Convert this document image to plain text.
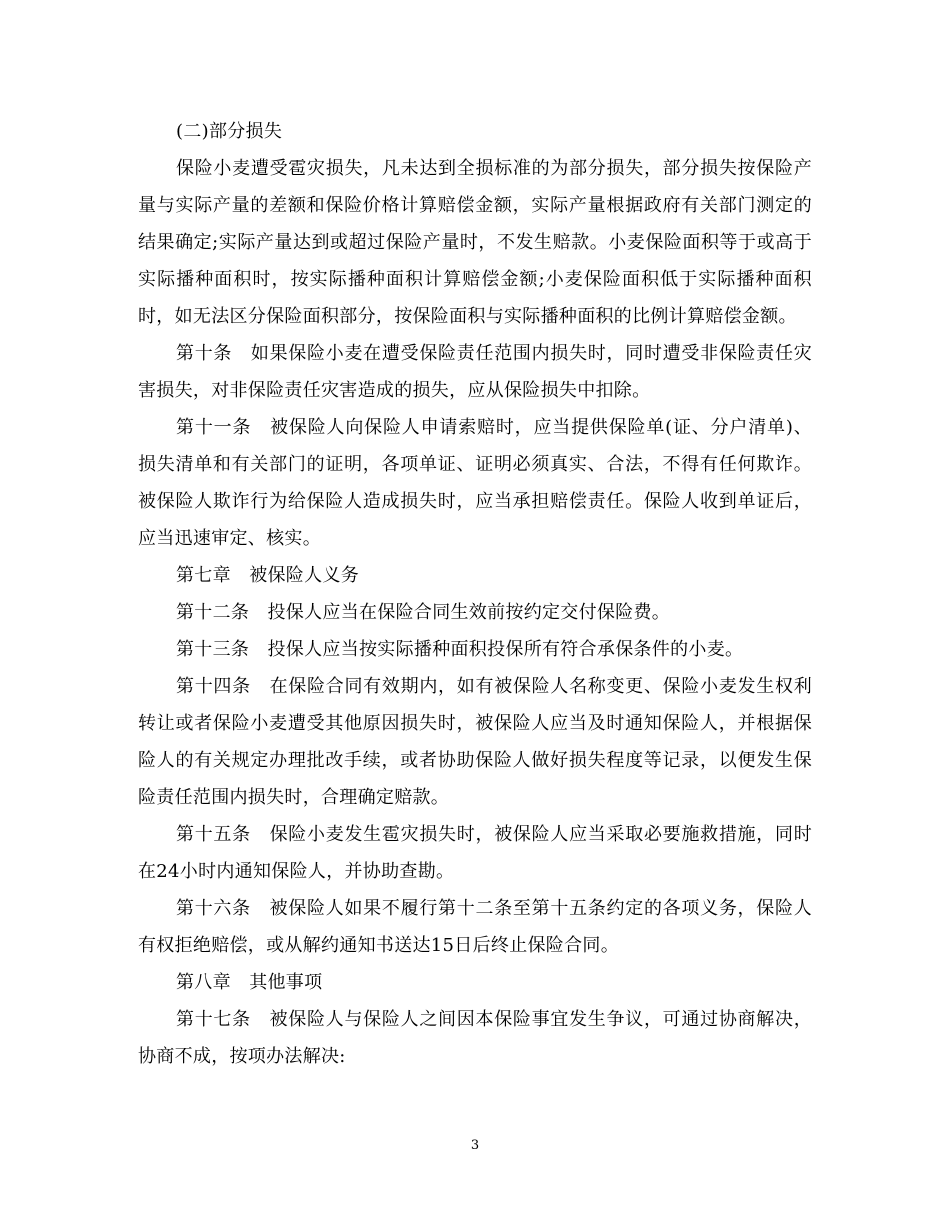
(二)部分损失

保险小麦遭受雹灾损失，凡未达到全损标准的为部分损失，部分损失按保险产量与实际产量的差额和保险价格计算赔偿金额，实际产量根据政府有关部门测定的结果确定;实际产量达到或超过保险产量时，不发生赔款。小麦保险面积等于或高于实际播种面积时，按实际播种面积计算赔偿金额;小麦保险面积低于实际播种面积时，如无法区分保险面积部分，按保险面积与实际播种面积的比例计算赔偿金额。

第十条　如果保险小麦在遭受保险责任范围内损失时，同时遭受非保险责任灾害损失，对非保险责任灾害造成的损失，应从保险损失中扣除。

第十一条　被保险人向保险人申请索赔时，应当提供保险单(证、分户清单)、损失清单和有关部门的证明，各项单证、证明必须真实、合法，不得有任何欺诈。被保险人欺诈行为给保险人造成损失时，应当承担赔偿责任。保险人收到单证后，应当迅速审定、核实。

第七章　被保险人义务

第十二条　投保人应当在保险合同生效前按约定交付保险费。

第十三条　投保人应当按实际播种面积投保所有符合承保条件的小麦。

第十四条　在保险合同有效期内，如有被保险人名称变更、保险小麦发生权利转让或者保险小麦遭受其他原因损失时，被保险人应当及时通知保险人，并根据保险人的有关规定办理批改手续，或者协助保险人做好损失程度等记录，以便发生保险责任范围内损失时，合理确定赔款。

第十五条　保险小麦发生雹灾损失时，被保险人应当采取必要施救措施，同时在24小时内通知保险人，并协助查勘。

第十六条　被保险人如果不履行第十二条至第十五条约定的各项义务，保险人有权拒绝赔偿，或从解约通知书送达15日后终止保险合同。

第八章　其他事项

第十七条　被保险人与保险人之间因本保险事宜发生争议，可通过协商解决，协商不成，按项办法解决:

3
